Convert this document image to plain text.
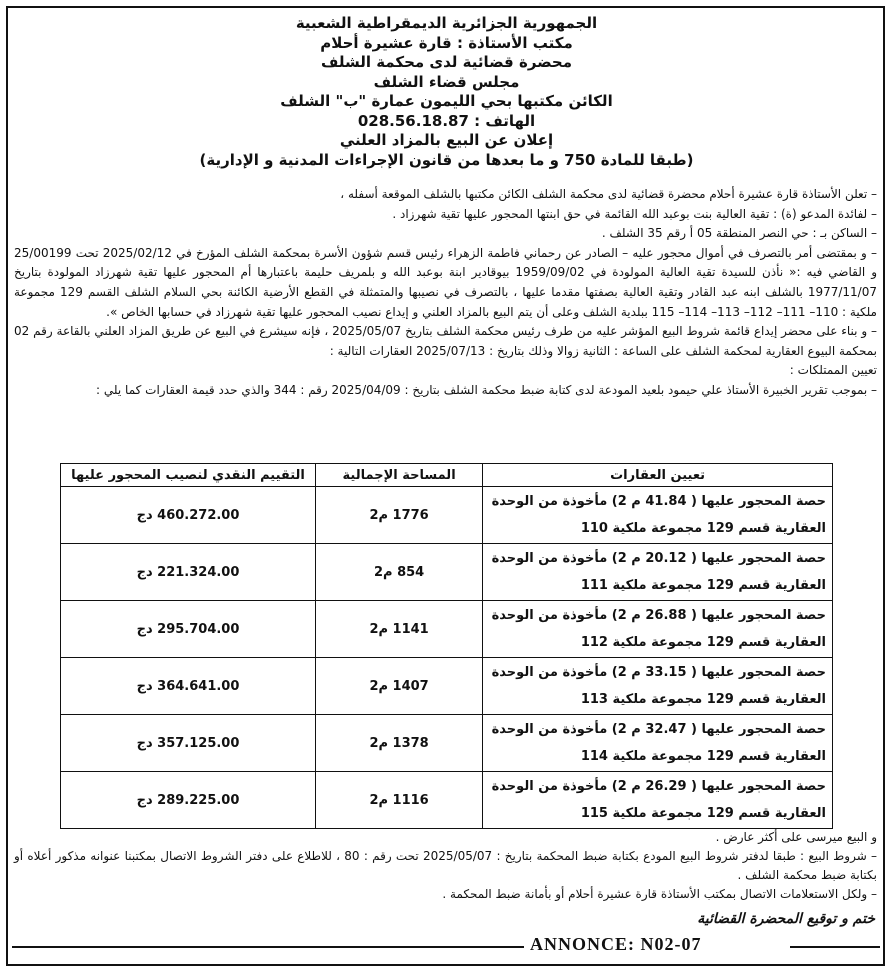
الجمهورية الجزائرية الديمقراطية الشعبية
مكتب الأستاذة : قارة عشيرة أحلام
محضرة قضائية لدى محكمة الشلف
مجلس قضاء الشلف
الكائن مكتبها بحي الليمون عمارة "ب" الشلف
الهاتف : 028.56.18.87
إعلان عن البيع بالمزاد العلني
(طبقا للمادة 750 و ما بعدها من قانون الإجراءات المدنية و الإدارية)

– تعلن الأستاذة قارة عشيرة أحلام محضرة قضائية لدى محكمة الشلف الكائن مكتبها بالشلف الموقعة أسفله ،

– لفائدة المدعو (ة) : تقية العالية بنت بوعبد الله القائمة في حق ابنتها المحجور عليها تقية شهرزاد .

– الساكن بـ : حي النصر المنطقة 05 أ رقم 35 الشلف .

– و بمقتضى أمر بالتصرف في أموال محجور عليه – الصادر عن رحماني فاطمة الزهراء رئيس قسم شؤون الأسرة بمحكمة الشلف المؤرخ في 2025/02/12 تحت 25/00199 و القاضي فيه :« نأذن للسيدة تقية العالية المولودة في 1959/09/02 بيوقادير ابنة بوعبد الله و بلمريف حليمة باعتبارها أم المحجور عليها تقية شهرزاد المولودة بتاريخ 1977/11/07 بالشلف ابنه عبد القادر وتقية العالية بصفتها مقدما عليها ، بالتصرف في نصيبها والمتمثلة في القطع الأرضية الكائنة بحي السلام الشلف القسم 129 مجموعة ملكية : 110– 111– 112– 113– 114– 115 ببلدية الشلف وعلى أن يتم البيع بالمزاد العلني و إيداع نصيب المحجور عليها تقية شهرزاد في حسابها الخاص ».

– و بناء على محضر إيداع قائمة شروط البيع المؤشر عليه من طرف رئيس محكمة الشلف بتاريخ 2025/05/07 ، فإنه سيشرع في البيع عن طريق المزاد العلني بالقاعة رقم 02 بمحكمة البيوع العقارية لمحكمة الشلف على الساعة : الثانية زوالا وذلك بتاريخ : 2025/07/13 العقارات التالية :

تعيين الممتلكات :

– بموجب تقرير الخبيرة الأستاذ علي حيمود بلعيد المودعة لدى كتابة ضبط محكمة الشلف بتاريخ : 2025/04/09 رقم : 344 والذي حدد قيمة العقارات كما يلي :

تعيين العقارات	المساحة الإجمالية	التقييم النقدي لنصيب المحجور عليها
حصة المحجور عليها ( 41.84 م 2) مأخوذة من الوحدة العقارية قسم 129 مجموعة ملكية 110	1776 م2	460.272.00 دج
حصة المحجور عليها ( 20.12 م 2) مأخوذة من الوحدة العقارية قسم 129 مجموعة ملكية 111	854 م2	221.324.00 دج
حصة المحجور عليها ( 26.88 م 2) مأخوذة من الوحدة العقارية قسم 129 مجموعة ملكية 112	1141 م2	295.704.00 دج
حصة المحجور عليها ( 33.15 م 2) مأخوذة من الوحدة العقارية قسم 129 مجموعة ملكية 113	1407 م2	364.641.00 دج
حصة المحجور عليها ( 32.47 م 2) مأخوذة من الوحدة العقارية قسم 129 مجموعة ملكية 114	1378 م2	357.125.00 دج
حصة المحجور عليها ( 26.29 م 2) مأخوذة من الوحدة العقارية قسم 129 مجموعة ملكية 115	1116 م2	289.225.00 دج

و البيع ميرسى على أكثر عارض .

– شروط البيع : طبقا لدفتر شروط البيع المودع بكتابة ضبط المحكمة بتاريخ : 2025/05/07 تحت رقم : 80 ، للاطلاع على دفتر الشروط الاتصال بمكتبنا عنوانه مذكور أعلاه أو بكتابة ضبط محكمة الشلف .

– ولكل الاستعلامات الاتصال بمكتب الأستاذة قارة عشيرة أحلام أو بأمانة ضبط المحكمة .

ختم و توقيع المحضرة القضائية
ANNONCE: N02-07
